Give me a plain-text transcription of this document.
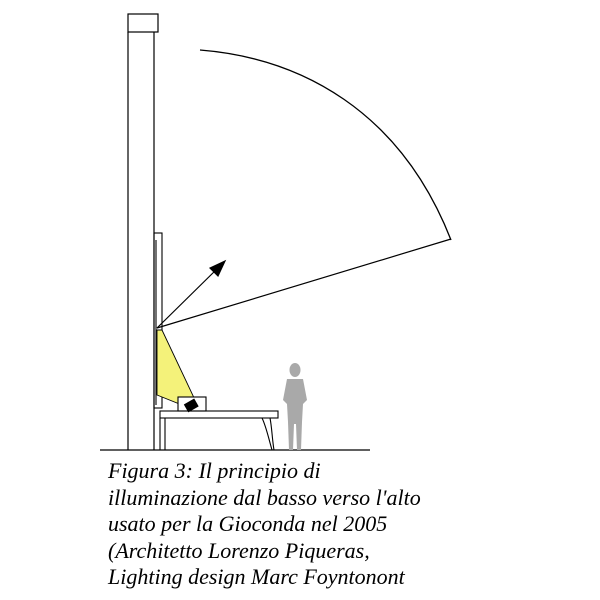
Figura 3: Il principio di
illuminazione dal basso verso l'alto
usato per la Gioconda nel 2005
(Architetto Lorenzo Piqueras,
Lighting design Marc Foyntonont
